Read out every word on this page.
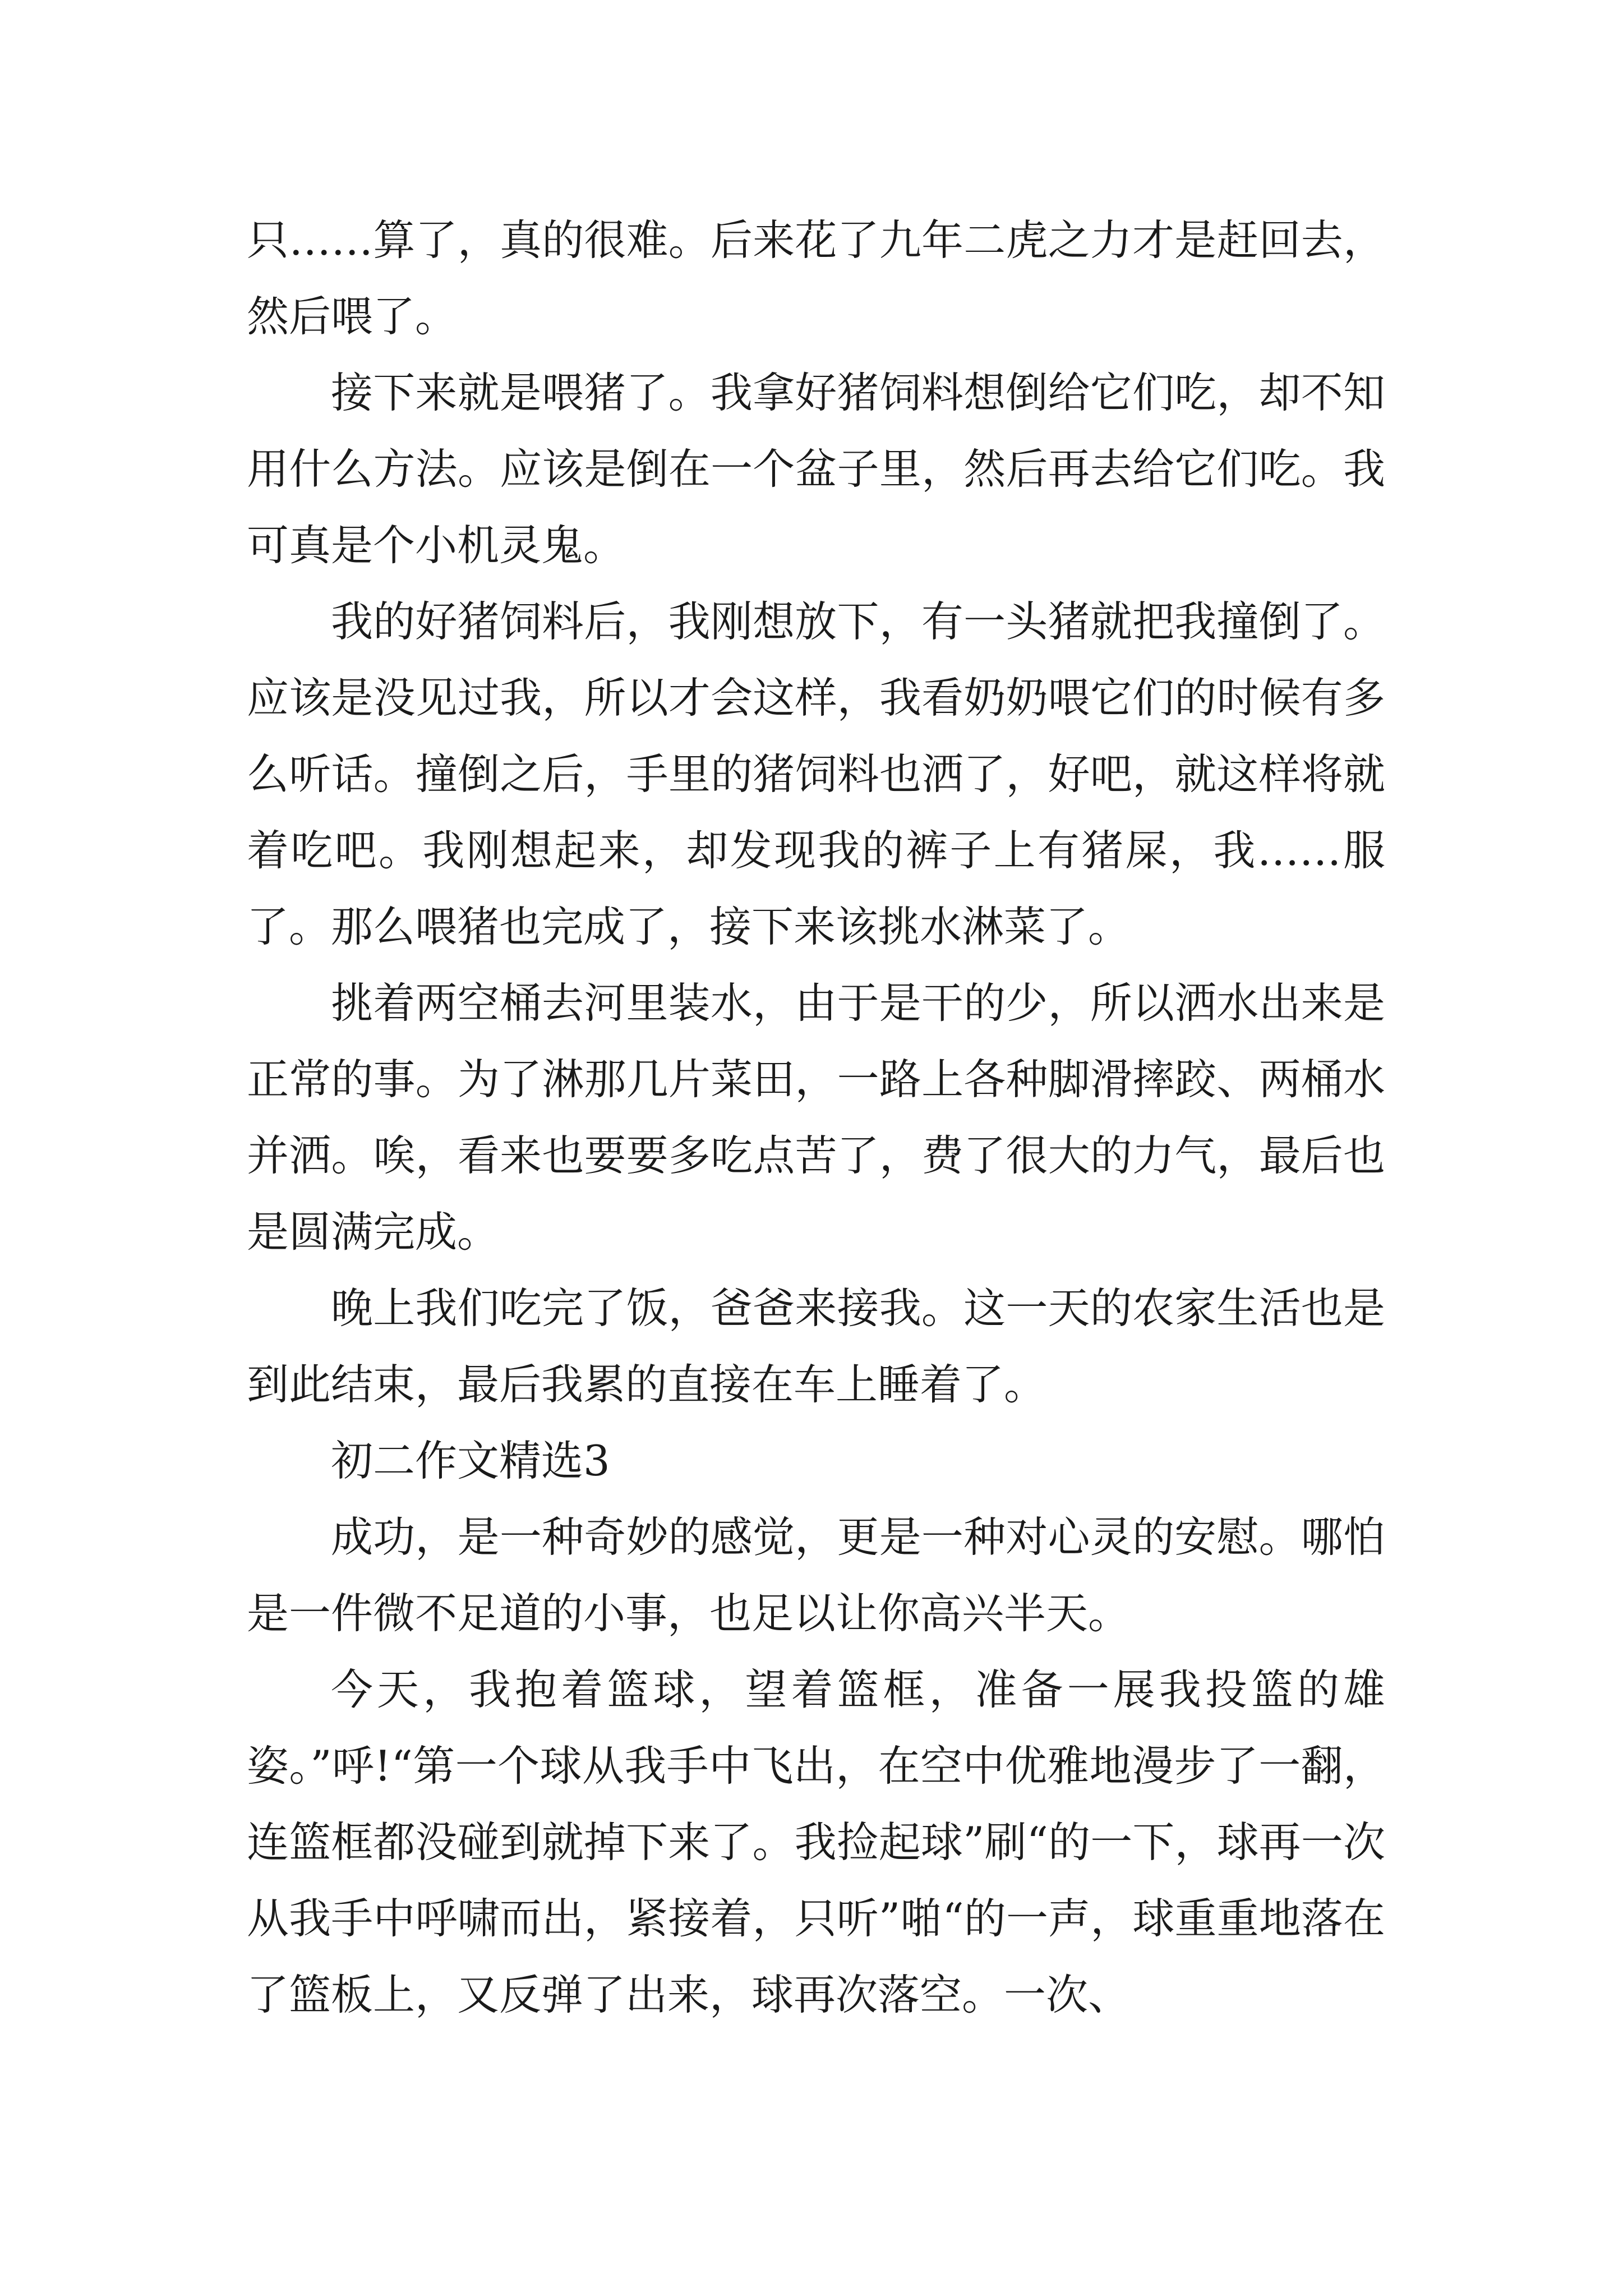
只……算了，真的很难。后来花了九年二虎之力才是赶回去，然后喂了。

接下来就是喂猪了。我拿好猪饲料想倒给它们吃，却不知用什么方法。应该是倒在一个盆子里，然后再去给它们吃。我可真是个小机灵鬼。

我的好猪饲料后，我刚想放下，有一头猪就把我撞倒了。应该是没见过我，所以才会这样，我看奶奶喂它们的时候有多么听话。撞倒之后，手里的猪饲料也洒了，好吧，就这样将就着吃吧。我刚想起来，却发现我的裤子上有猪屎，我……服了。那么喂猪也完成了，接下来该挑水淋菜了。

挑着两空桶去河里装水，由于是干的少，所以洒水出来是正常的事。为了淋那几片菜田，一路上各种脚滑摔跤、两桶水并洒。唉，看来也要要多吃点苦了，费了很大的力气，最后也是圆满完成。

晚上我们吃完了饭，爸爸来接我。这一天的农家生活也是到此结束，最后我累的直接在车上睡着了。

初二作文精选3

成功，是一种奇妙的感觉，更是一种对心灵的安慰。哪怕是一件微不足道的小事，也足以让你高兴半天。

今天，我抱着篮球，望着篮框，准备一展我投篮的雄姿。”呼!“第一个球从我手中飞出，在空中优雅地漫步了一翻，连篮框都没碰到就掉下来了。我捡起球”刷“的一下，球再一次从我手中呼啸而出，紧接着，只听”啪“的一声，球重重地落在了篮板上，又反弹了出来，球再次落空。一次、
